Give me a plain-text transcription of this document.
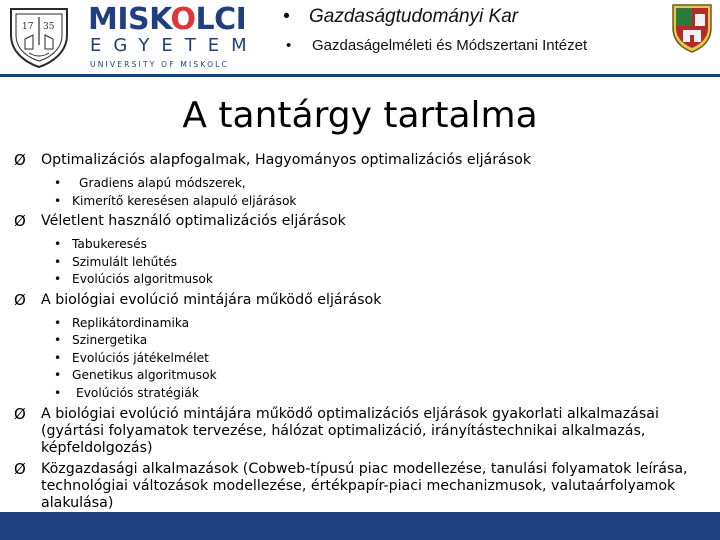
17 35 MISKOLCI
EGYETEM
UNIVERSITY OF MISKOLC
• Gazdaságtudományi Kar
• Gazdaságelméleti és Módszertani Intézet
A tantárgy tartalma
Ø Optimalizációs alapfogalmak, Hagyományos optimalizációs eljárások
• Gradiens alapú módszerek,
• Kimerítő keresésen alapuló eljárások
Ø Véletlent használó optimalizációs eljárások
• Tabukeresés
• Szimulált lehűtés
• Evolúciós algoritmusok
Ø A biológiai evolúció mintájára működő eljárások
• Replikátordinamika
• Szinergetika
• Evolúciós játékelmélet
• Genetikus algoritmusok
• Evolúciós stratégiák
Ø A biológiai evolúció mintájára működő optimalizációs eljárások gyakorlati alkalmazásai (gyártási folyamatok tervezése, hálózat optimalizáció, irányítástechnikai alkalmazás, képfeldolgozás)
Ø Közgazdasági alkalmazások (Cobweb-típusú piac modellezése, tanulási folyamatok leírása, technológiai változások modellezése, értékpapír-piaci mechanizmusok, valutaárfolyamok alakulása)
